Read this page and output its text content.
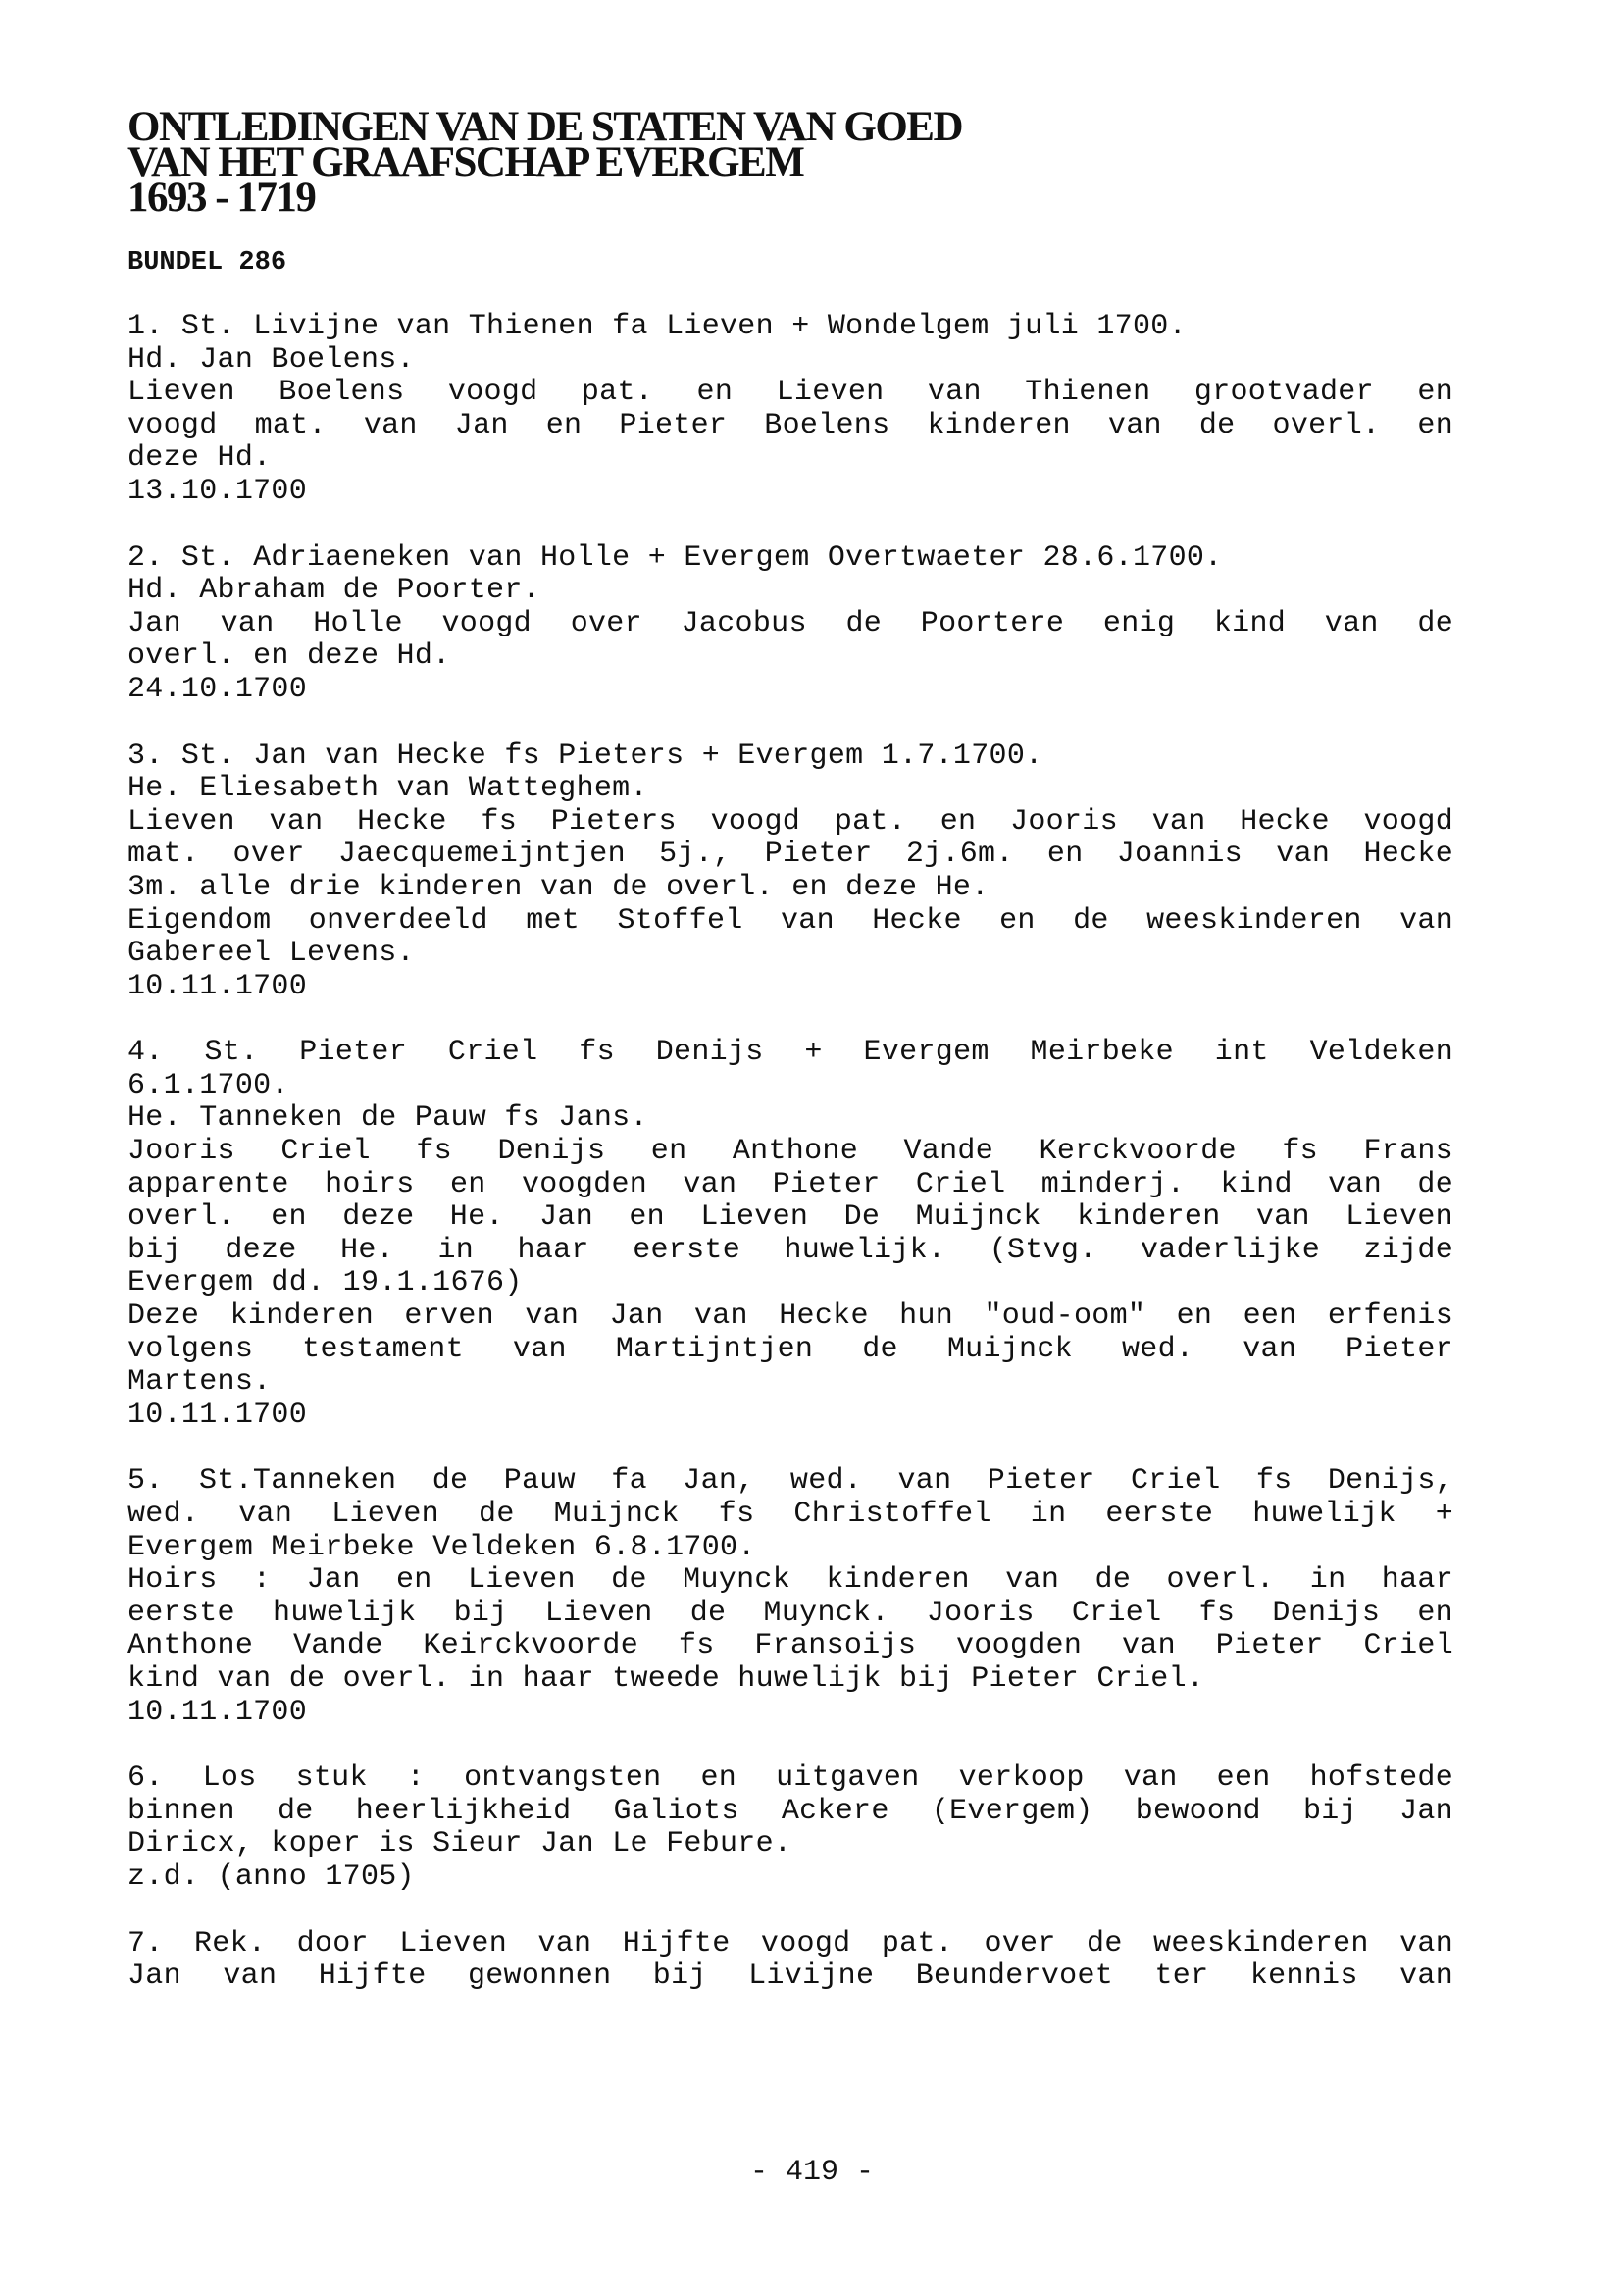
ONTLEDINGEN VAN DE STATEN VAN GOED
VAN HET GRAAFSCHAP EVERGEM
1693 - 1719
BUNDEL 286
1. St. Livijne van Thienen fa Lieven + Wondelgem juli 1700.
Hd. Jan Boelens.
Lieven Boelens voogd pat. en Lieven van Thienen grootvader en
voogd mat. van Jan en Pieter Boelens kinderen van de overl. en
deze Hd.
13.10.1700
2. St. Adriaeneken van Holle + Evergem Overtwaeter 28.6.1700.
Hd. Abraham de Poorter.
Jan van Holle voogd over Jacobus de Poortere enig kind van de
overl. en deze Hd.
24.10.1700
3. St. Jan van Hecke fs Pieters + Evergem 1.7.1700.
He. Eliesabeth van Watteghem.
Lieven van Hecke fs Pieters voogd pat. en Jooris van Hecke voogd
mat. over Jaecquemeijntjen 5j., Pieter 2j.6m. en Joannis van Hecke
3m. alle drie kinderen van de overl. en deze He.
Eigendom onverdeeld met Stoffel van Hecke en de weeskinderen van
Gabereel Levens.
10.11.1700
4. St. Pieter Criel fs Denijs + Evergem Meirbeke int Veldeken
6.1.1700.
He. Tanneken de Pauw fs Jans.
Jooris Criel fs Denijs en Anthone Vande Kerckvoorde fs Frans
apparente hoirs en voogden van Pieter Criel minderj. kind van de
overl. en deze He. Jan en Lieven De Muijnck kinderen van Lieven
bij deze He. in haar eerste huwelijk. (Stvg. vaderlijke zijde
Evergem dd. 19.1.1676)
Deze kinderen erven van Jan van Hecke hun "oud-oom" en een erfenis
volgens testament van Martijntjen de Muijnck wed. van Pieter
Martens.
10.11.1700
5. St.Tanneken de Pauw fa Jan, wed. van Pieter Criel fs Denijs,
wed. van Lieven de Muijnck fs Christoffel in eerste huwelijk +
Evergem Meirbeke Veldeken 6.8.1700.
Hoirs : Jan en Lieven de Muynck kinderen van de overl. in haar
eerste huwelijk bij Lieven de Muynck. Jooris Criel fs Denijs en
Anthone Vande Keirckvoorde fs Fransoijs voogden van Pieter Criel
kind van de overl. in haar tweede huwelijk bij Pieter Criel.
10.11.1700
6. Los stuk : ontvangsten en uitgaven verkoop van een hofstede
binnen de heerlijkheid Galiots Ackere (Evergem) bewoond bij Jan
Diricx, koper is Sieur Jan Le Febure.
z.d. (anno 1705)
7. Rek. door Lieven van Hijfte voogd pat. over de weeskinderen van
Jan van Hijfte gewonnen bij Livijne Beundervoet ter kennis van
- 419 -
